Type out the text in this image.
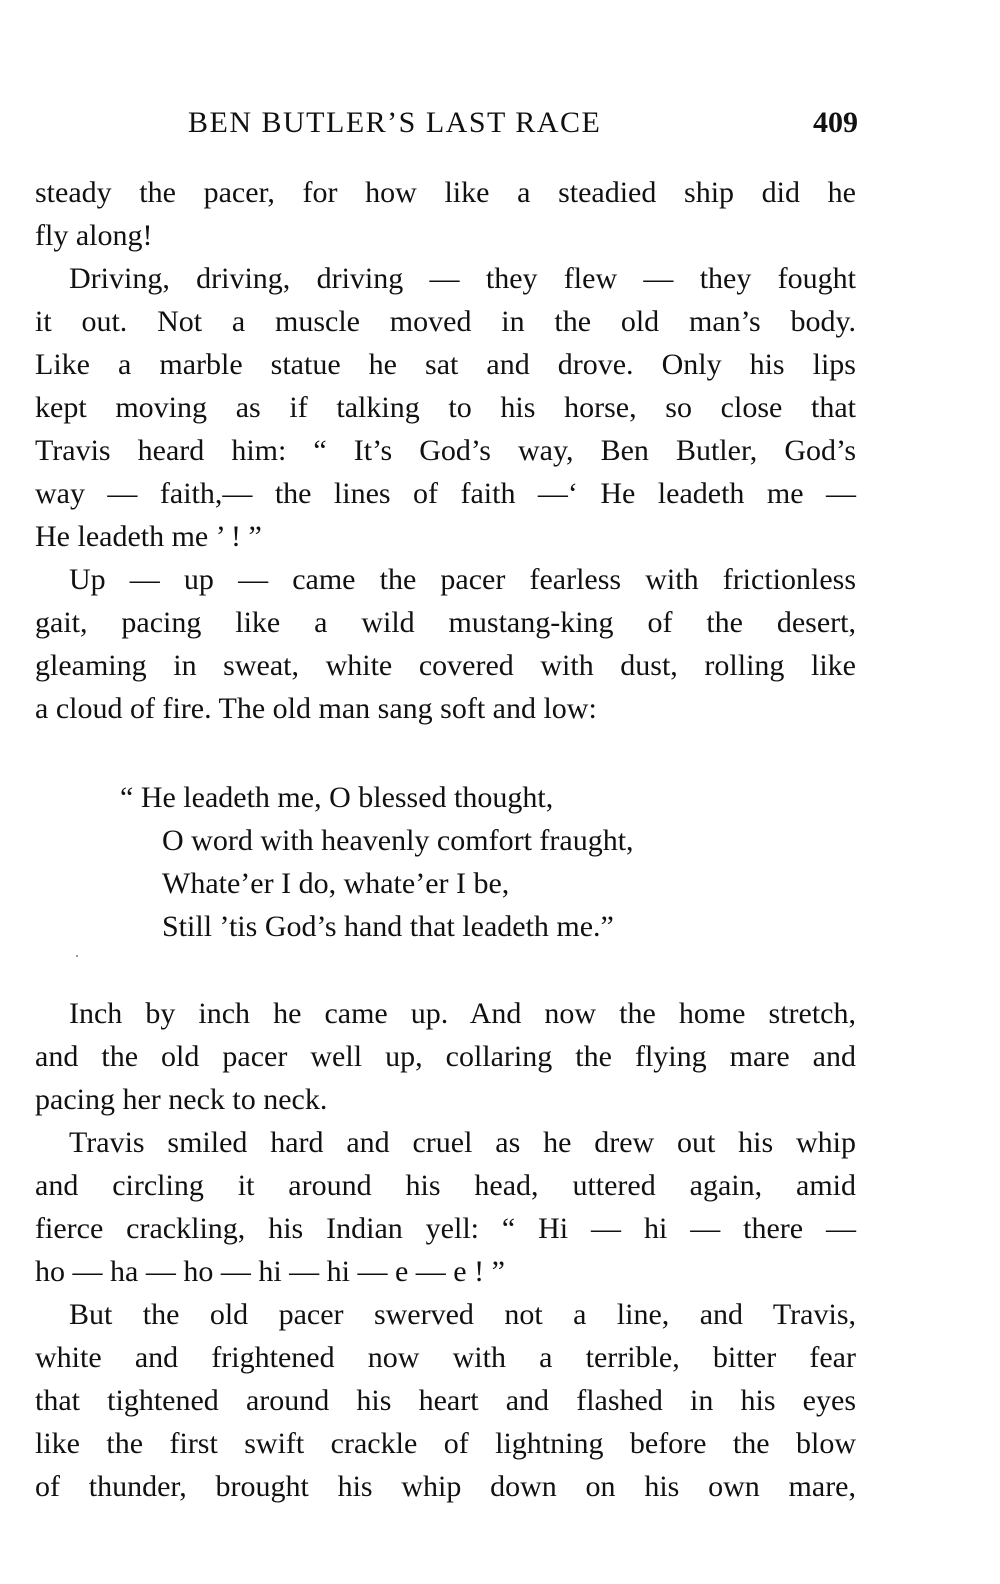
BEN BUTLER’S LAST RACE	409
steady the pacer, for how like a steadied ship did he
fly along!
Driving, driving, driving — they flew — they fought
it out. Not a muscle moved in the old man’s body.
Like a marble statue he sat and drove. Only his lips
kept moving as if talking to his horse, so close that
Travis heard him: “ It’s God’s way, Ben Butler, God’s
way — faith,— the lines of faith —‘ He leadeth me —
He leadeth me ’ ! ”
Up — up — came the pacer fearless with frictionless
gait, pacing like a wild mustang-king of the desert,
gleaming in sweat, white covered with dust, rolling like
a cloud of fire. The old man sang soft and low:
“ He leadeth me, O blessed thought,
O word with heavenly comfort fraught,
Whate’er I do, whate’er I be,
Still ’tis God’s hand that leadeth me.”
Inch by inch he came up. And now the home stretch,
and the old pacer well up, collaring the flying mare and
pacing her neck to neck.
Travis smiled hard and cruel as he drew out his whip
and circling it around his head, uttered again, amid
fierce crackling, his Indian yell: “ Hi — hi — there —
ho — ha — ho — hi — hi — e — e ! ”
But the old pacer swerved not a line, and Travis,
white and frightened now with a terrible, bitter fear
that tightened around his heart and flashed in his eyes
like the first swift crackle of lightning before the blow
of thunder, brought his whip down on his own mare,
